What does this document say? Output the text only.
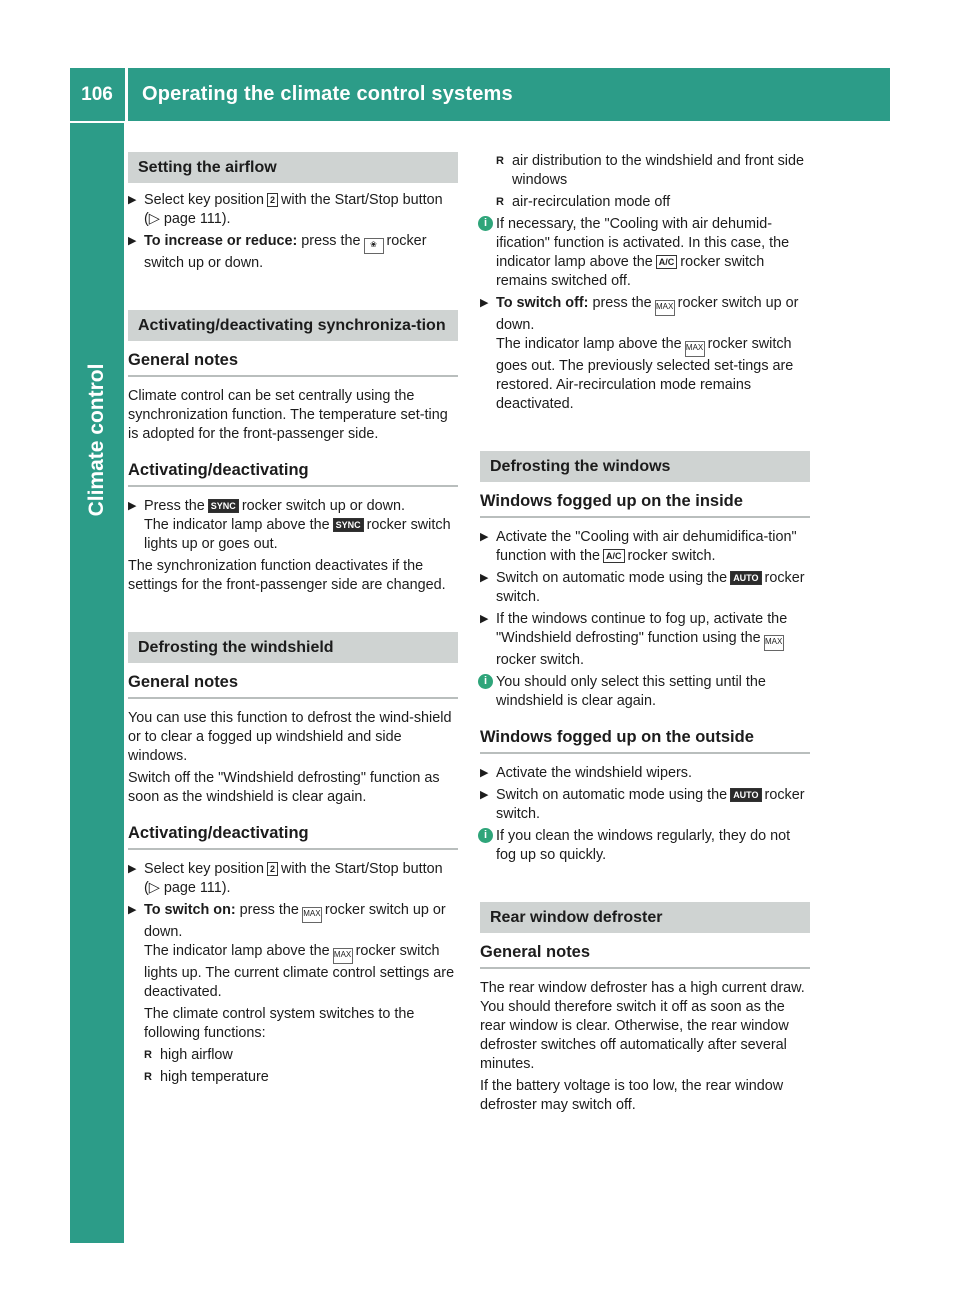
106	Operating the climate control systems
Climate control
Setting the airflow
▶ Select key position 2 with the Start/Stop button (▷ page 111).
▶ To increase or reduce: press the ❀ rocker switch up or down.
Activating/deactivating synchroniza-tion
General notes

Climate control can be set centrally using the synchronization function. The temperature set-ting is adopted for the front-passenger side.

Activating/deactivating
▶ Press the SYNC rocker switch up or down.
The indicator lamp above the SYNC rocker switch lights up or goes out.

The synchronization function deactivates if the settings for the front-passenger side are changed.

Defrosting the windshield
General notes

You can use this function to defrost the wind-shield or to clear a fogged up windshield and side windows.

Switch off the "Windshield defrosting" function as soon as the windshield is clear again.

Activating/deactivating
▶ Select key position 2 with the Start/Stop button (▷ page 111).
▶ To switch on: press the MAX rocker switch up or down.
The indicator lamp above the MAX rocker switch lights up. The current climate control settings are deactivated.

The climate control system switches to the following functions:

R high airflow
R high temperature
R air distribution to the windshield and front side windows
R air-recirculation mode off
i If necessary, the "Cooling with air dehumid-ification" function is activated. In this case, the indicator lamp above the A/C rocker switch remains switched off.
▶ To switch off: press the MAX rocker switch up or down.
The indicator lamp above the MAX rocker switch goes out. The previously selected set-tings are restored. Air-recirculation mode remains deactivated.
Defrosting the windows
Windows fogged up on the inside
▶ Activate the "Cooling with air dehumidifica-tion" function with the A/C rocker switch.
▶ Switch on automatic mode using the AUTO rocker switch.
▶ If the windows continue to fog up, activate the "Windshield defrosting" function using the MAXrocker switch.
i You should only select this setting until the windshield is clear again.
Windows fogged up on the outside
▶ Activate the windshield wipers.
▶ Switch on automatic mode using the AUTO rocker switch.
i If you clean the windows regularly, they do not fog up so quickly.
Rear window defroster
General notes

The rear window defroster has a high current draw. You should therefore switch it off as soon as the rear window is clear. Otherwise, the rear window defroster switches off automatically after several minutes.

If the battery voltage is too low, the rear window defroster may switch off.
